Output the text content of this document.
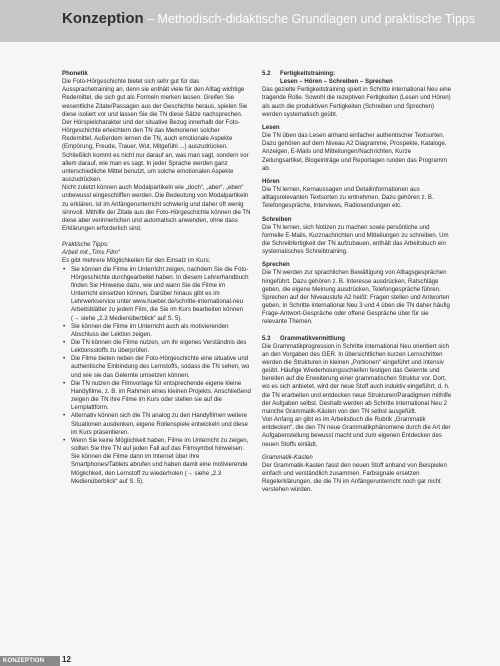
Konzeption – Methodisch-didaktische Grundlagen und praktische Tipps

Phonetik

Die Foto-Hörgeschichte bietet sich sehr gut für das Aussprachetraining an, denn sie enthält viele für den Alltag wichtige Redemittel, die sich gut als Formeln merken lassen. Greifen Sie wesentliche Zitate/Passagen aus der Geschichte heraus, spielen Sie diese isoliert vor und lassen Sie die TN diese Sätze nachsprechen. Der Hörspielcharakter und der situative Bezug innerhalb der Foto-Hörgeschichte erleichtern den TN das Memorieren solcher Redemittel. Außerdem lernen die TN, auch emotionale Aspekte (Empörung, Freude, Trauer, Wut, Mitgefühl ...) auszudrücken. Schließlich kommt es nicht nur darauf an, was man sagt, sondern vor allem darauf, wie man es sagt. In jeder Sprache werden ganz unterschiedliche Mittel benutzt, um solche emotionalen Aspekte auszudrücken.

Nicht zuletzt können auch Modalpartikeln wie „doch“, „aber“, „eben“ unbewusst eingeschliffen werden. Die Bedeutung von Modalpartikeln zu erklären, ist im Anfängerunterricht schwierig und daher oft wenig sinnvoll. Mithilfe der Zitate aus der Foto-Hörgeschichte können die TN diese aber verinnerlichen und automatisch anwenden, ohne dass Erklärungen erforderlich sind.

Praktische Tipps:

Arbeit mit „Tims Film“

Es gibt mehrere Möglichkeiten für den Einsatz im Kurs:

• Sie können die Filme im Unterricht zeigen, nachdem Sie die Foto-Hörgeschichte durchgearbeitet haben. In diesem Lehrerhandbuch finden Sie Hinweise dazu, wie und wann Sie die Filme im Unterricht einsetzen können. Darüber hinaus gibt es im Lehrwerkservice unter www.hueber.de/schritte-international-neu Arbeitsblätter zu jedem Film, die Sie im Kurs bearbeiten können (→ siehe „2.3 Medienüberblick“ auf S. 5).
• Sie können die Filme im Unterricht auch als motivierenden Abschluss der Lektion zeigen.
• Die TN können die Filme nutzen, um ihr eigenes Verständnis des Lektionsstoffs zu überprüfen.
• Die Filme bieten neben der Foto-Hörgeschichte eine situative und authentische Einbindung des Lernstoffs, sodass die TN sehen, wo und wie sie das Gelernte umsetzen können.
• Die TN nutzen die Filmvorlage für entsprechende eigene kleine Handyfilme, z. B. im Rahmen eines kleinen Projekts. Anschließend zeigen die TN ihre Filme im Kurs oder stellen sie auf die Lernplattform.
• Alternativ können sich die TN analog zu den Handyfilmen weitere Situationen ausdenken, eigene Rollenspiele entwickeln und diese im Kurs präsentieren.
• Wenn Sie keine Möglichkeit haben, Filme im Unterricht zu zeigen, sollten Sie Ihre TN auf jeden Fall auf das Filmsymbol hinweisen. Sie können die Filme dann im Internet über ihre Smartphones/Tablets abrufen und haben damit eine motivierende Möglichkeit, den Lernstoff zu wiederholen (→ siehe „2.3 Medienüberblick“ auf S. 5).

5.2 Fertigkeitstraining:

Lesen – Hören – Schreiben – Sprechen

Das gezielte Fertigkeitstraining spielt in Schritte international Neu eine tragende Rolle. Sowohl die rezeptiven Fertigkeiten (Lesen und Hören) als auch die produktiven Fertigkeiten (Schreiben und Sprechen) werden systematisch geübt.

Lesen

Die TN üben das Lesen anhand einfacher authentischer Textsorten. Dazu gehören auf dem Niveau A2 Diagramme, Prospekte, Kataloge, Anzeigen, E-Mails und Mitteilungen/Nachrichten, Kurze Zeitungsartikel, Blogeinträge und Reportagen runden das Programm ab.

Hören

Die TN lernen, Kernaussagen und Detailinformationen aus alltagsrelevanten Textsorten zu entnehmen. Dazu gehören z. B. Telefongespräche, Interviews, Radiosendungen etc.

Schreiben

Die TN lernen, sich Notizen zu machen sowie persönliche und formelle E-Mails, Kurznachrichten und Mitteilungen zu schreiben. Um die Schreibfertigkeit der TN aufzubauen, enthält das Arbeitsbuch ein systematisches Schreibtraining.

Sprechen

Die TN werden zur sprachlichen Bewältigung von Alltagsgesprächen hingeführt. Dazu gehören z. B. Interesse ausdrücken, Ratschläge geben, die eigene Meinung ausdrücken, Telefongespräche führen. Sprechen auf der Niveaustufe A2 heißt: Fragen stellen und Antworten geben. In Schritte international Neu 3 und 4 üben die TN daher häufig Frage-Antwort-Gespräche oder offene Gespräche über für sie relevante Themen.

5.3 Grammatikvermittlung

Die Grammatikprogression in Schritte international Neu orientiert sich an den Vorgaben des GER. In übersichtlichen kurzen Lernschritten werden die Strukturen in kleinen „Portionen“ eingeführt und intensiv geübt. Häufige Wiederholungsschleifen festigen das Gelernte und bereiten auf die Erweiterung einer grammatischen Struktur vor. Dort, wo es sich anbietet, wird der neue Stoff auch induktiv eingeführt, d. h. die TN erarbeiten und entdecken neue Strukturen/Paradigmen mithilfe der Aufgaben selbst. Deshalb werden ab Schritte international Neu 2 manche Grammatik-Kästen von den TN selbst ausgefüllt.

Von Anfang an gibt es im Arbeitsbuch die Rubrik „Grammatik entdecken“, die den TN neue Grammatikphänomene durch die Art der Aufgabenstellung bewusst macht und zum eigenen Entdecken des neuen Stoffs einlädt.

Grammatik-Kasten

Der Grammatik-Kasten fasst den neuen Stoff anhand von Beispielen einfach und verständlich zusammen. Farbsignale ersetzen Regelerklärungen, die die TN im Anfängerunterricht noch gar nicht verstehen würden.

KONZEPTION	12
